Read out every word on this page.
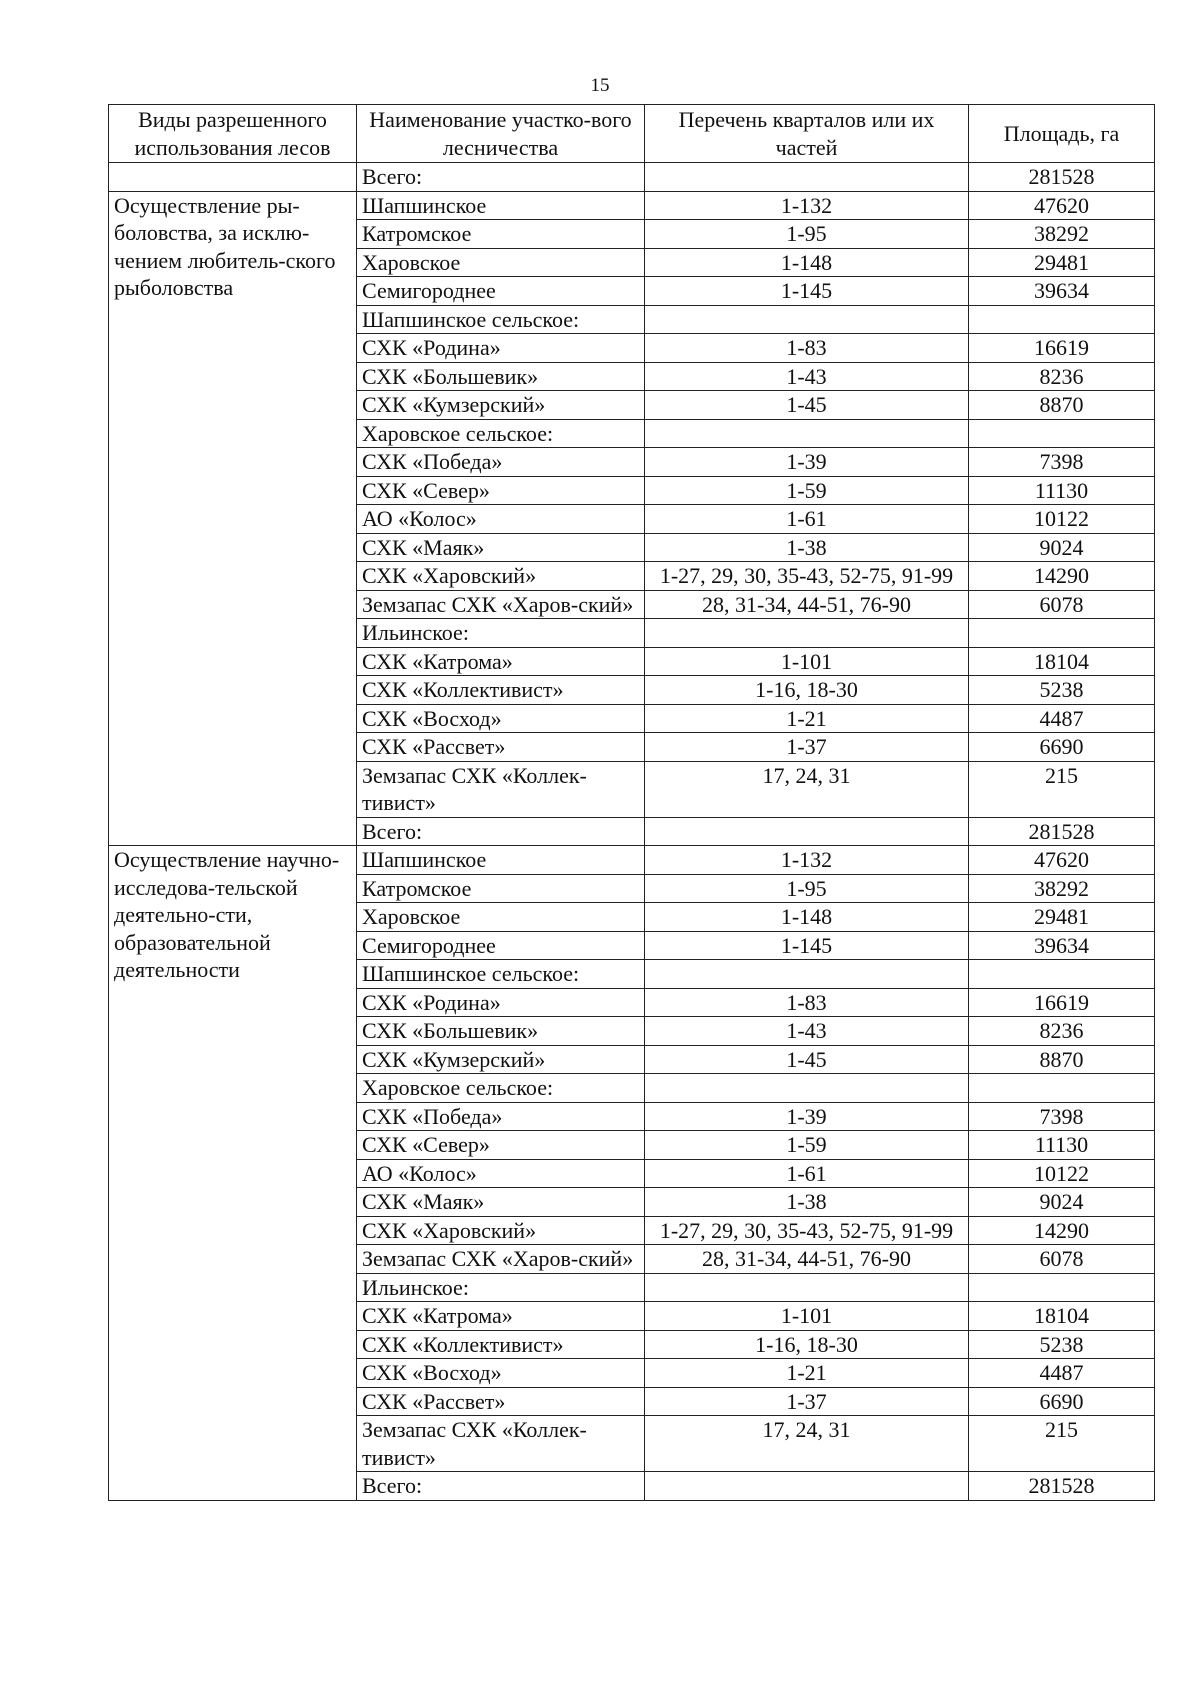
15
Виды разрешенного использования лесов	Наименование участко-вого лесничества	Перечень кварталов или их частей	Площадь, га
	Всего:		281528
Осуществление ры-боловства, за исклю-чением любитель-ского рыболовства	Шапшинское	1-132	47620
	Катромское	1-95	38292
	Харовское	1-148	29481
	Семигороднее	1-145	39634
	Шапшинское сельское:		
	СХК «Родина»	1-83	16619
	СХК «Большевик»	1-43	8236
	СХК «Кумзерский»	1-45	8870
	Харовское сельское:		
	СХК «Победа»	1-39	7398
	СХК «Север»	1-59	11130
	АО «Колос»	1-61	10122
	СХК «Маяк»	1-38	9024
	СХК «Харовский»	1-27, 29, 30, 35-43, 52-75, 91-99	14290
	Земзапас СХК «Харов-ский»	28, 31-34, 44-51, 76-90	6078
	Ильинское:		
	СХК «Катрома»	1-101	18104
	СХК «Коллективист»	1-16, 18-30	5238
	СХК «Восход»	1-21	4487
	СХК «Рассвет»	1-37	6690
	Земзапас СХК «Коллек-тивист»	17, 24, 31	215
	Всего:		281528
Осуществление научно-исследова-тельской деятельно-сти, образовательной деятельности	Шапшинское	1-132	47620
	Катромское	1-95	38292
	Харовское	1-148	29481
	Семигороднее	1-145	39634
	Шапшинское сельское:		
	СХК «Родина»	1-83	16619
	СХК «Большевик»	1-43	8236
	СХК «Кумзерский»	1-45	8870
	Харовское сельское:		
	СХК «Победа»	1-39	7398
	СХК «Север»	1-59	11130
	АО «Колос»	1-61	10122
	СХК «Маяк»	1-38	9024
	СХК «Харовский»	1-27, 29, 30, 35-43, 52-75, 91-99	14290
	Земзапас СХК «Харов-ский»	28, 31-34, 44-51, 76-90	6078
	Ильинское:		
	СХК «Катрома»	1-101	18104
	СХК «Коллективист»	1-16, 18-30	5238
	СХК «Восход»	1-21	4487
	СХК «Рассвет»	1-37	6690
	Земзапас СХК «Коллек-тивист»	17, 24, 31	215
	Всего:		281528
